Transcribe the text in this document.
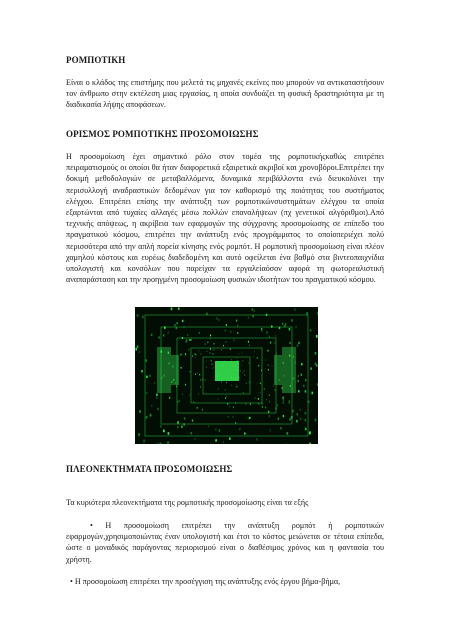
ΡΟΜΠΟΤΙΚΗ

Είναι ο κλάδος της επιστήμης που μελετά τις μηχανές εκείνες που μπορούν να αντικαταστήσουν τον άνθρωπο στην εκτέλεση μιας εργασίας, η οποία συνδυάζει τη φυσική δραστηριότητα με τη διαδικασία λήψης αποφάσεων.

ΟΡΙΣΜΟΣ ΡΟΜΠΟΤΙΚΗΣ ΠΡΟΣΟΜΟΙΩΣΗΣ

Η προσομοίωση έχει σημαντικό ρόλο στον τομέα της ρομποτικήςκαθώς επιτρέπει πειραματισμούς οι οποίοι θα ήταν διαφορετικά εξαιρετικά ακριβοί και χρονοβόροι.Επιτρέπει την δοκιμή μεθοδολογιών σε μεταβαλλόμενα, δυναμικά περιβάλλοντα ενώ διευκολύνει την περισυλλογή αναδραστικών δεδομένων για τον καθορισμό της ποιότητας του συστήματος ελέγχου. Επιτρέπει επίσης την ανάπτυξη των ρομποτικώνσυστημάτων ελέγχου τα οποία εξαρτώνται από τυχαίες αλλαγές μέσω πολλών επαναλήψεων (πχ γενετικοί αλγόριθμοι).Από τεχνικής απόψεως, η ακρίβεια των εφαρμογών της σύγχρονης προσομοίωσης σε επίπεδο του πραγματικού κόσμου, επιτρέπει την ανάπτυξη ενός προγράμματος το οποίοπεριέχει πολύ περισσότερα από την απλή πορεία κίνησης ενός ρομπότ. Η ρομποτική προσομοίωση είναι πλέον χαμηλού κόστους και ευρέως διαδεδομένη και αυτό οφείλεται ένα βαθμό στα βιντεοπαιχνίδια υπολογιστή και κονσόλων που παρείχαν τα εργαλείαόσον αφορά τη φωτορεαλιστική αναπαράσταση και την προηγμένη προσομοίωση φυσικών ιδιοτήτων του πραγματικού κόσμου.

ΠΛΕΟΝΕΚΤΗΜΑΤΑ ΠΡΟΣΟΜΟΙΩΣΗΣ

Τα κυριότερα πλεονεκτήματα της ρομποτικής προσομοίωσης είναι τα εξής

• Η προσομοίωση επιτρέπει την ανάπτυξη ρομπότ ή ρομποτικών εφαρμογών,χρησιμοποιώντας έναν υπολογιστή και έτσι το κόστος μειώνεται σε τέτοια επίπεδα, ώστε ο μοναδικός παράγοντας περιορισμού είναι ο διαθέσιμος χρόνος και η φαντασία του χρήστη.

• Η προσομοίωση επιτρέπει την προσέγγιση της ανάπτυξης ενός έργου βήμα-βήμα,
